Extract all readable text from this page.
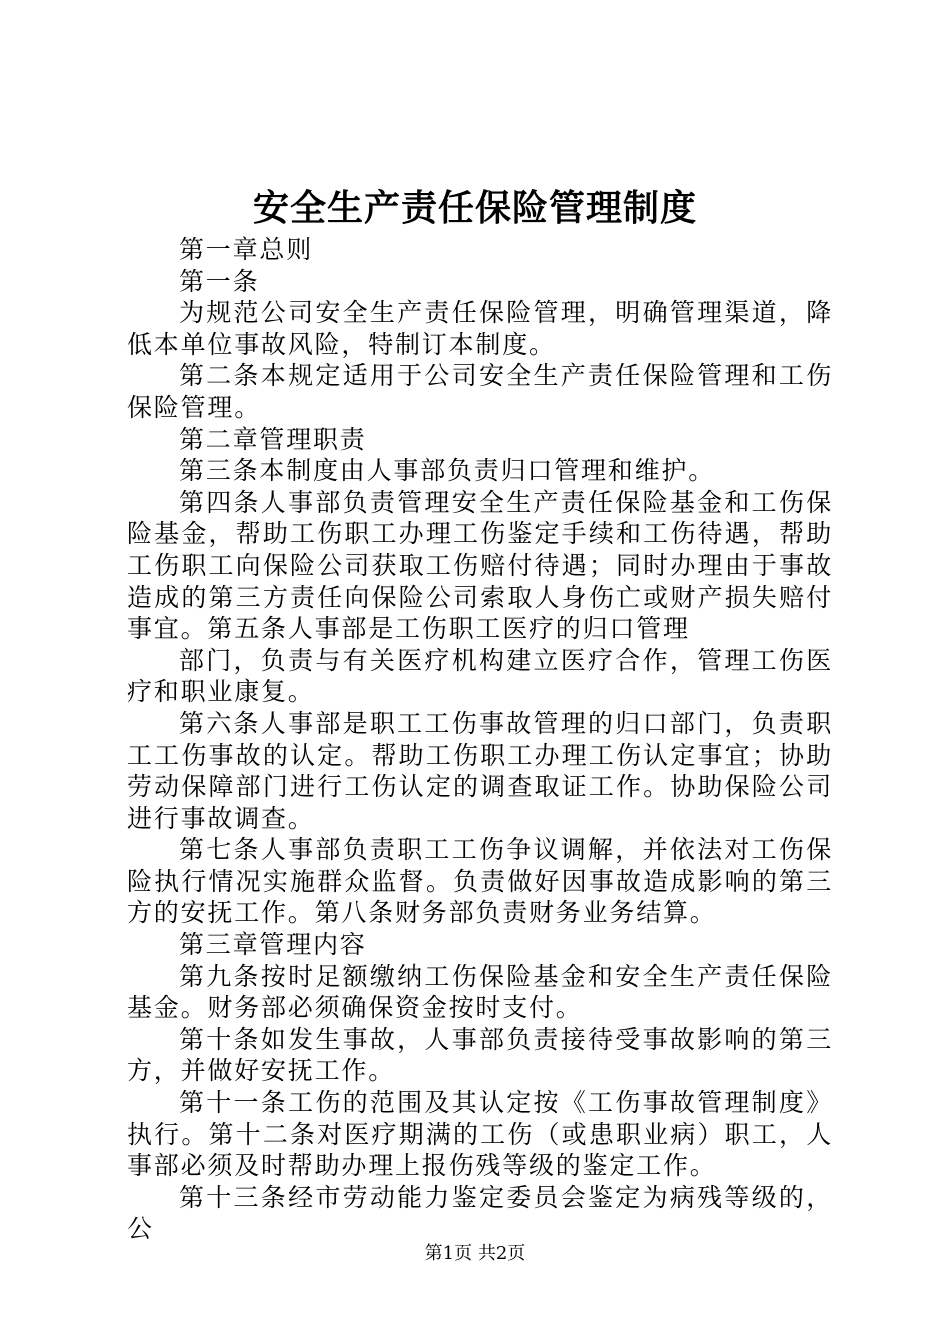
安全生产责任保险管理制度

第一章总则

第一条

为规范公司安全生产责任保险管理，明确管理渠道，降低本单位事故风险，特制订本制度。

第二条本规定适用于公司安全生产责任保险管理和工伤保险管理。

第二章管理职责

第三条本制度由人事部负责归口管理和维护。

第四条人事部负责管理安全生产责任保险基金和工伤保险基金，帮助工伤职工办理工伤鉴定手续和工伤待遇，帮助工伤职工向保险公司获取工伤赔付待遇；同时办理由于事故造成的第三方责任向保险公司索取人身伤亡或财产损失赔付事宜。第五条人事部是工伤职工医疗的归口管理

部门，负责与有关医疗机构建立医疗合作，管理工伤医疗和职业康复。

第六条人事部是职工工伤事故管理的归口部门，负责职工工伤事故的认定。帮助工伤职工办理工伤认定事宜；协助劳动保障部门进行工伤认定的调查取证工作。协助保险公司进行事故调查。

第七条人事部负责职工工伤争议调解，并依法对工伤保险执行情况实施群众监督。负责做好因事故造成影响的第三方的安抚工作。第八条财务部负责财务业务结算。

第三章管理内容

第九条按时足额缴纳工伤保险基金和安全生产责任保险基金。财务部必须确保资金按时支付。

第十条如发生事故，人事部负责接待受事故影响的第三方，并做好安抚工作。

第十一条工伤的范围及其认定按《工伤事故管理制度》执行。第十二条对医疗期满的工伤（或患职业病）职工，人事部必须及时帮助办理上报伤残等级的鉴定工作。

第十三条经市劳动能力鉴定委员会鉴定为病残等级的，公

第1页 共2页
